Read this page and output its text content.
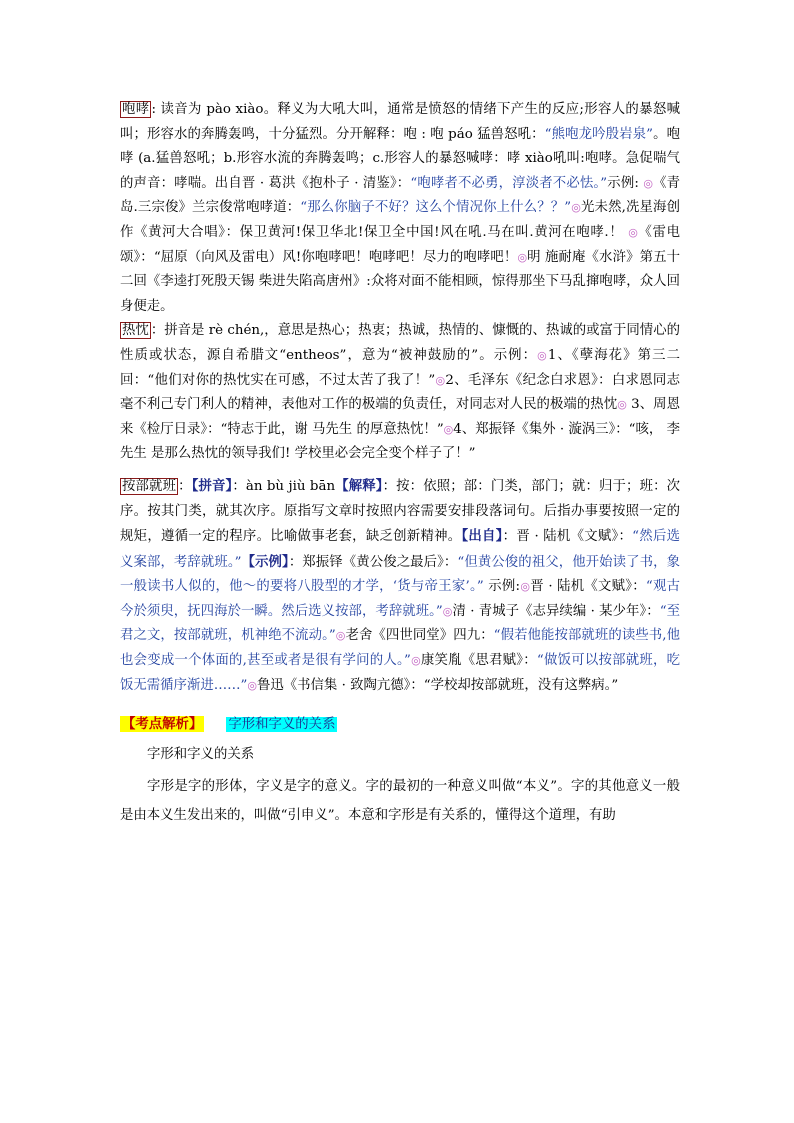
咆哮 : 读音为 pào xiào。释义为大吼大叫，通常是愤怒的情绪下产生的反应;形容人的暴怒喊叫；形容水的奔腾轰鸣，十分猛烈。分开解释：咆 : 咆 páo 猛兽怒吼：“熊咆龙吟殷岩泉”。咆哮 (a.猛兽怒吼；b.形容水流的奔腾轰鸣；c.形容人的暴怒喊哮：哮 xiào吼叫:咆哮。急促喘气的声音：哮喘。出自晋 · 葛洪《抱朴子 · 清鉴》：“咆哮者不必勇，淳淡者不必怯。”示例: ◎《青岛.三宗俊》兰宗俊常咆哮道：“那么你脑子不好？这么个情况你上什么？？”◎光未然,冼星海创作《黄河大合唱》：保卫黄河!保卫华北!保卫全中国!风在吼.马在叫.黄河在咆哮.！ ◎《雷电颂》：“屈原（向风及雷电）风!你咆哮吧！咆哮吧！尽力的咆哮吧！◎明 施耐庵《水浒》第五十二回《李逵打死殷天锡 柴进失陷高唐州》:众将对面不能相顾，惊得那坐下马乱撺咆哮，众人回身便走。
热忱 ：拼音是 rè chén,，意思是热心；热衷；热诚，热情的、慷慨的、热诚的或富于同情心的性质或状态，源自希腊文“entheos”，意为“被神鼓励的”。示例：◎1、《孽海花》第三二回：“他们对你的热忱实在可感，不过太苦了我了！”◎2、毛泽东《纪念白求恩》：白求恩同志毫不利己专门利人的精神，表他对工作的极端的负责任，对同志对人民的极端的热忱◎ 3、周恩来《检厅日录》：“特志于此，谢 马先生 的厚意热忱！”◎4、郑振铎《集外 · 漩涡三》：“咳， 李先生 是那么热忱的领导我们! 学校里必会完全变个样子了！”
按部就班 ：【拼音】：àn bù jiù bān【解释】：按：依照；部：门类，部门；就：归于；班：次序。按其门类，就其次序。原指写文章时按照内容需要安排段落词句。后指办事要按照一定的规矩，遵循一定的程序。比喻做事老套，缺乏创新精神。【出自】：晋 · 陆机《文赋》：“然后选义案部，考辞就班。”【示例】：郑振铎《黄公俊之最后》：“但黄公俊的祖父，他开始读了书，象一般读书人似的，他～的要将八股型的才学，‘货与帝王家’。” 示例:◎晋 · 陆机《文赋》：“观古今於须臾，抚四海於一瞬。然后选义按部，考辞就班。”◎清 · 青城子《志异续编 · 某少年》：“至君之文，按部就班，机神绝不流动。”◎老舍《四世同堂》四九：“假若他能按部就班的读些书,他也会变成一个体面的,甚至或者是很有学问的人。”◎康笑胤《思君赋》：“做饭可以按部就班，吃饭无需循序渐进……”◎鲁迅《书信集 · 致陶亢德》：“学校却按部就班，没有这弊病。”
【考点解析】 字形和字义的关系
字形和字义的关系
字形是字的形体，字义是字的意义。字的最初的一种意义叫做“本义”。字的其他意义一般是由本义生发出来的，叫做“引申义”。本意和字形是有关系的，懂得这个道理，有助
